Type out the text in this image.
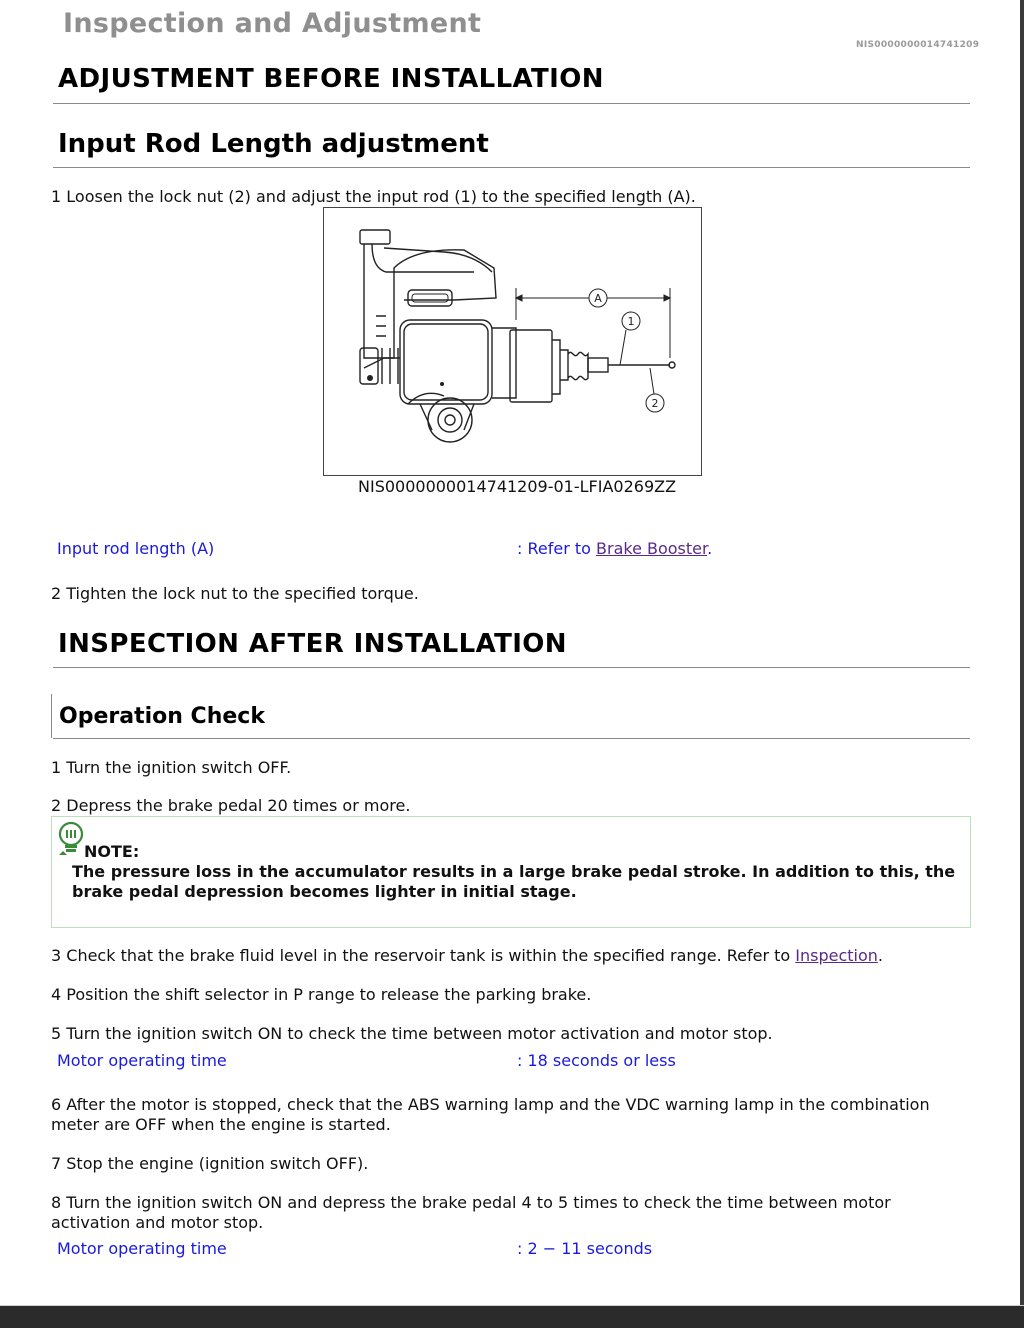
Inspection and Adjustment
NIS0000000014741209
ADJUSTMENT BEFORE INSTALLATION
Input Rod Length adjustment
1 Loosen the lock nut (2) and adjust the input rod (1) to the specified length (A).
A
1
2
NIS0000000014741209-01-LFIA0269ZZ
Input rod length (A)	: Refer to Brake Booster.
2 Tighten the lock nut to the specified torque.
INSPECTION AFTER INSTALLATION
Operation Check
1 Turn the ignition switch OFF.
2 Depress the brake pedal 20 times or more.
NOTE:
The pressure loss in the accumulator results in a large brake pedal stroke. In addition to this, the brake pedal depression becomes lighter in initial stage.
3 Check that the brake fluid level in the reservoir tank is within the specified range. Refer to Inspection.
4 Position the shift selector in P range to release the parking brake.
5 Turn the ignition switch ON to check the time between motor activation and motor stop.
Motor operating time	: 18 seconds or less
6 After the motor is stopped, check that the ABS warning lamp and the VDC warning lamp in the combination meter are OFF when the engine is started.
7 Stop the engine (ignition switch OFF).
8 Turn the ignition switch ON and depress the brake pedal 4 to 5 times to check the time between motor activation and motor stop.
Motor operating time	: 2 − 11 seconds
